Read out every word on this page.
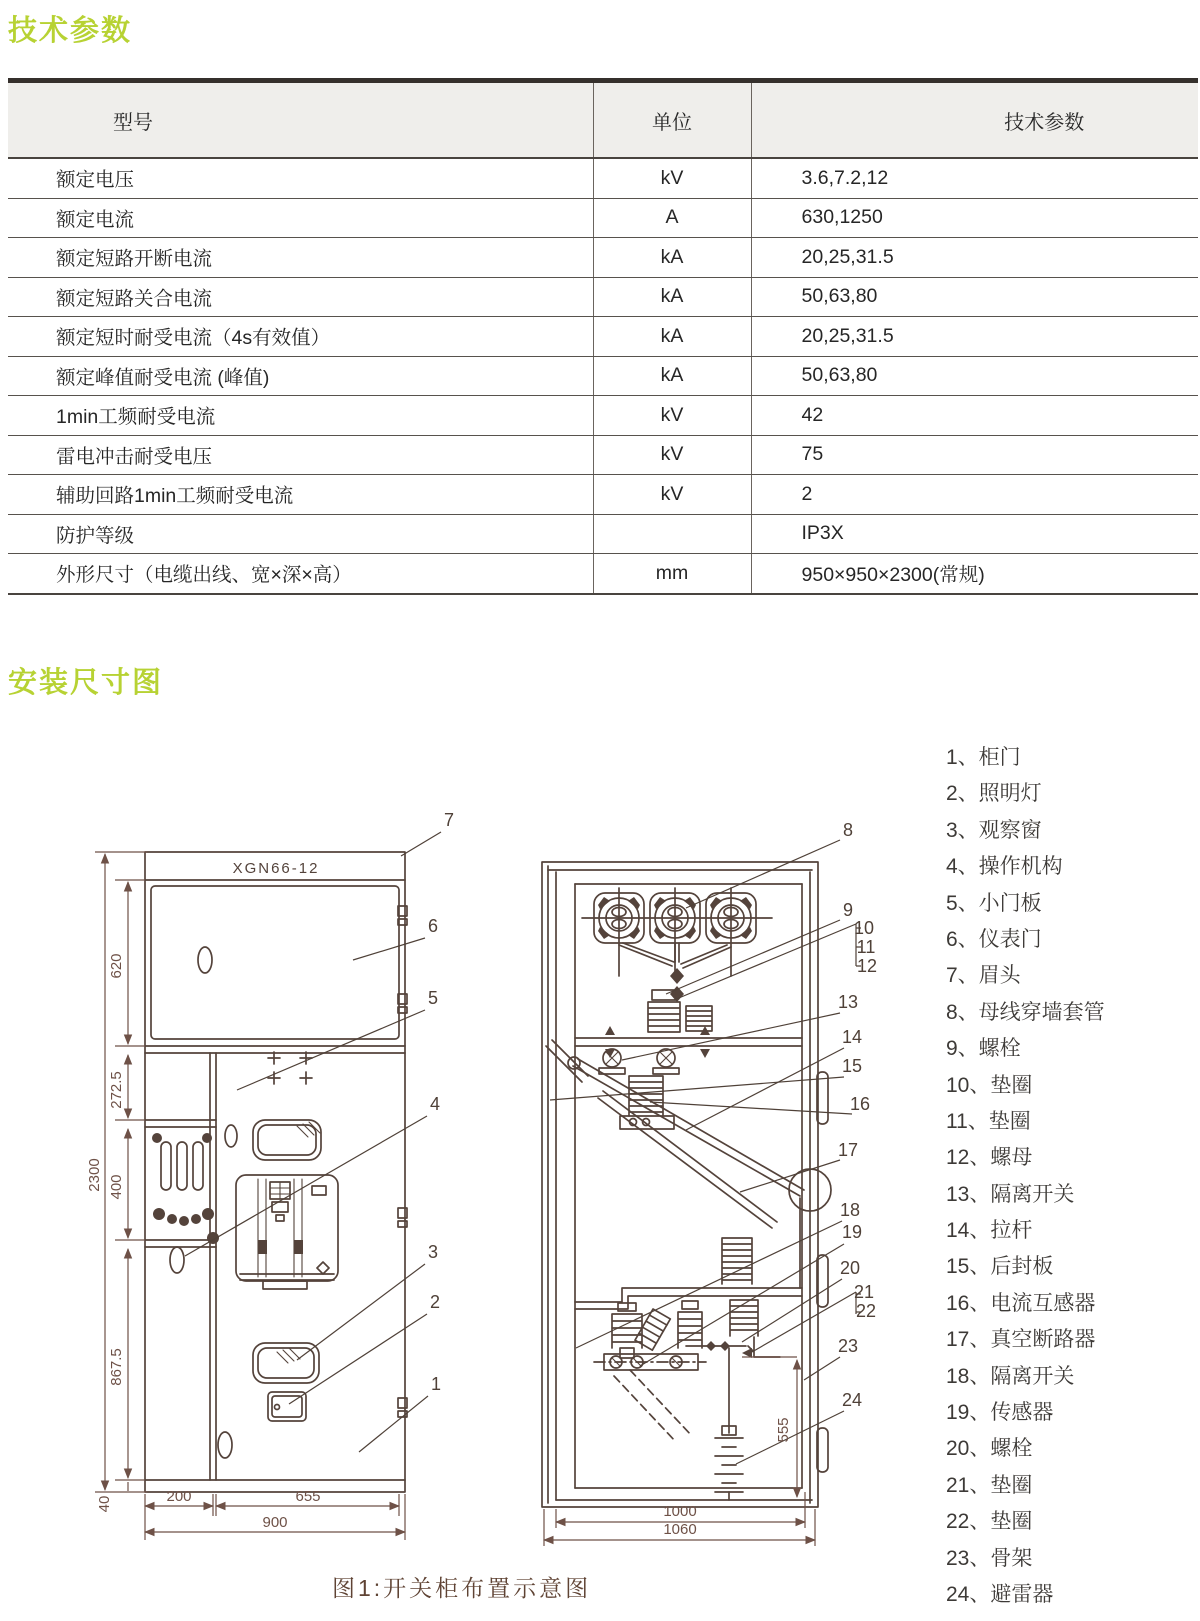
技术参数
安装尺寸图
型号	单位	技术参数
额定电压	kV	3.6,7.2,12
额定电流	A	630,1250
额定短路开断电流	kA	20,25,31.5
额定短路关合电流	kA	50,63,80
额定短时耐受电流（4s有效值）	kA	20,25,31.5
额定峰值耐受电流 (峰值)	kA	50,63,80
1min工频耐受电流	kV	42
雷电冲击耐受电压	kV	75
辅助回路1min工频耐受电流	kV	2
防护等级		IP3X
外形尺寸（电缆出线、宽×深×高）	mm	950×950×2300(常规)
XGN66-12
7
6
5
4
3
2
1
2300
620
272.5
400
867.5
40	200	655
900
8
9
10
11
12
13
14
15
16
17
18
19
20
21
22
23
24
555
1000
1060
1、柜门
2、照明灯
3、观察窗
4、操作机构
5、小门板
6、仪表门
7、眉头
8、母线穿墙套管
9、螺栓
10、垫圈
11、垫圈
12、螺母
13、隔离开关
14、拉杆
15、后封板
16、电流互感器
17、真空断路器
18、隔离开关
19、传感器
20、螺栓
21、垫圈
22、垫圈
23、骨架
24、避雷器
图1:开关柜布置示意图
